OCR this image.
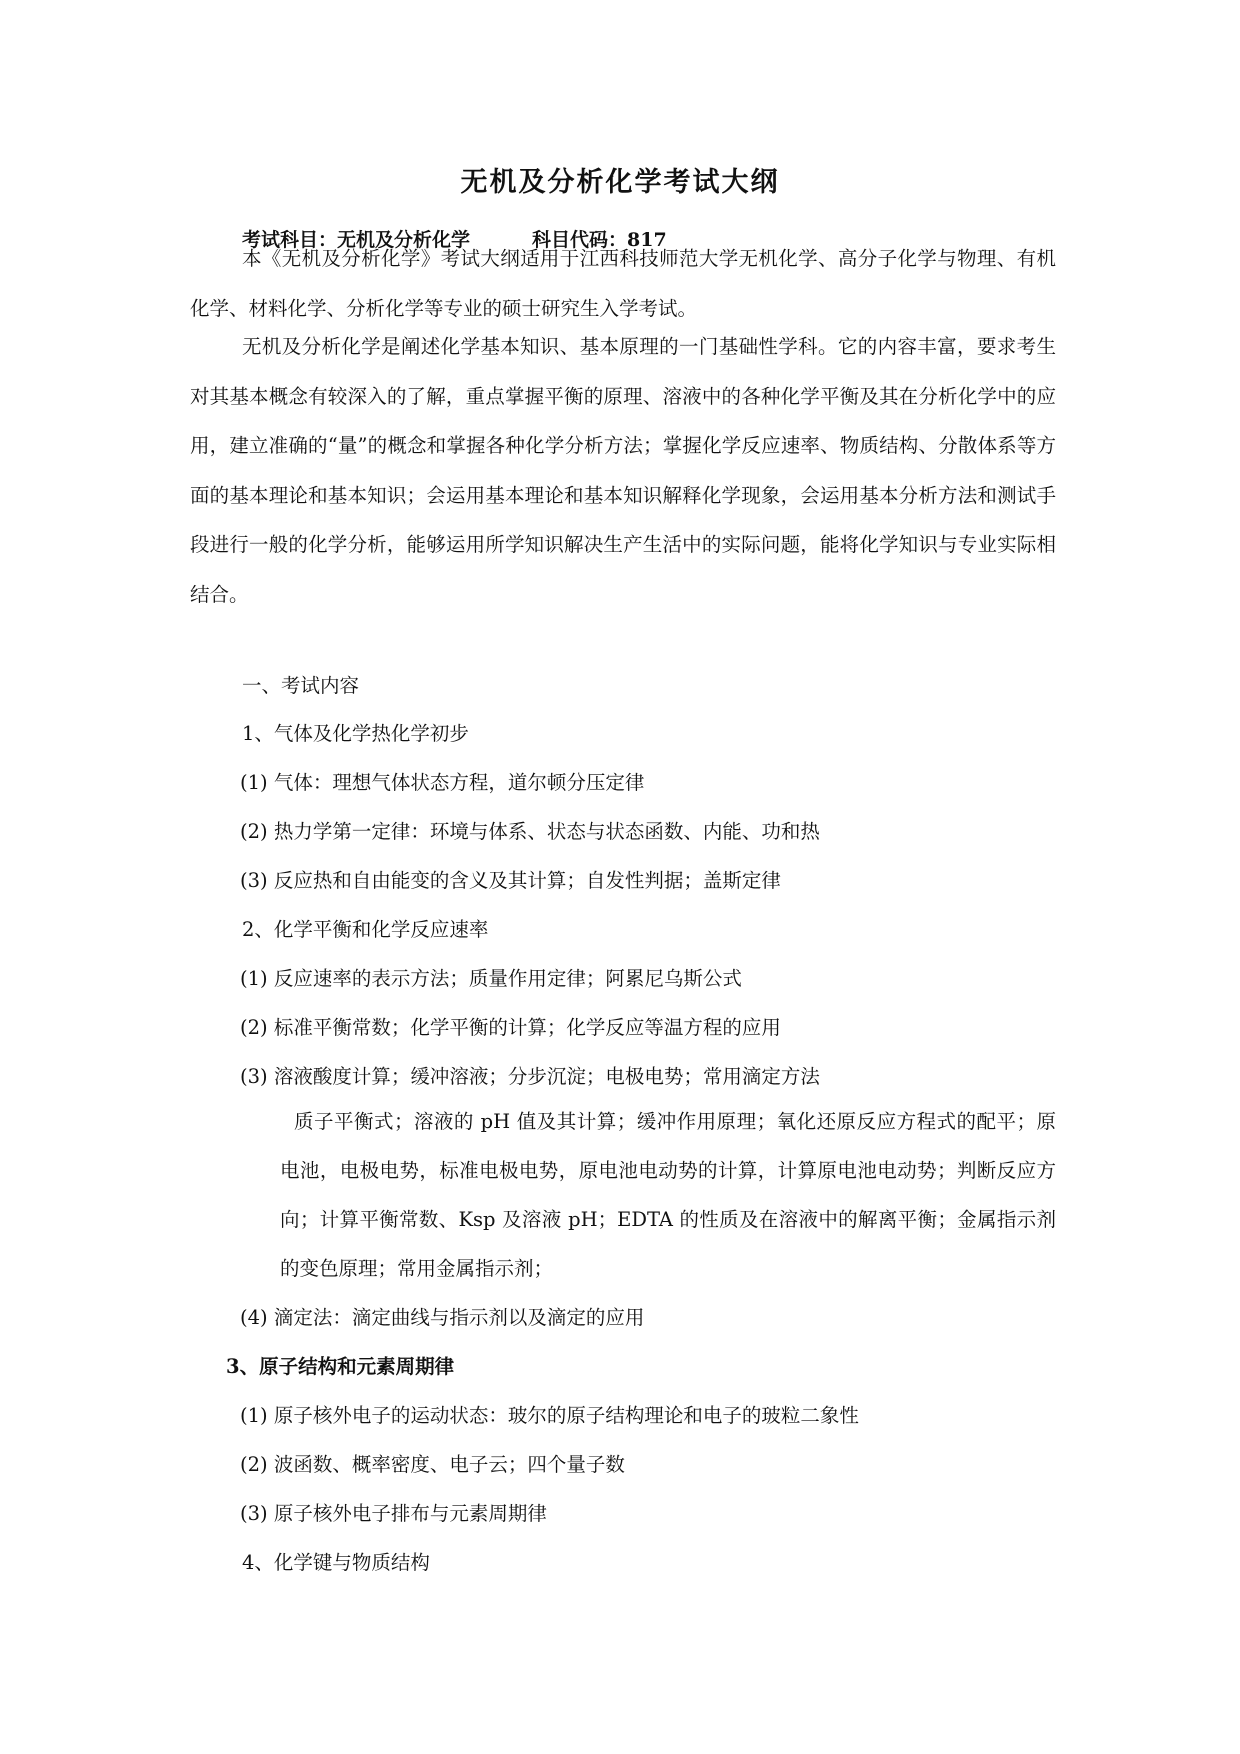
无机及分析化学考试大纲
考试科目：无机及分析化学	科目代码：817
本《无机及分析化学》考试大纲适用于江西科技师范大学无机化学、高分子化学与物理、有机化学、材料化学、分析化学等专业的硕士研究生入学考试。
无机及分析化学是阐述化学基本知识、基本原理的一门基础性学科。它的内容丰富，要求考生对其基本概念有较深入的了解，重点掌握平衡的原理、溶液中的各种化学平衡及其在分析化学中的应用，建立准确的“量”的概念和掌握各种化学分析方法；掌握化学反应速率、物质结构、分散体系等方面的基本理论和基本知识；会运用基本理论和基本知识解释化学现象，会运用基本分析方法和测试手段进行一般的化学分析，能够运用所学知识解决生产生活中的实际问题，能将化学知识与专业实际相结合。
一、考试内容
1、气体及化学热化学初步
(1) 气体：理想气体状态方程，道尔顿分压定律
(2) 热力学第一定律：环境与体系、状态与状态函数、内能、功和热
(3) 反应热和自由能变的含义及其计算；自发性判据；盖斯定律
2、化学平衡和化学反应速率
(1) 反应速率的表示方法；质量作用定律；阿累尼乌斯公式
(2) 标准平衡常数；化学平衡的计算；化学反应等温方程的应用
(3) 溶液酸度计算；缓冲溶液；分步沉淀；电极电势；常用滴定方法
质子平衡式；溶液的 pH 值及其计算；缓冲作用原理；氧化还原反应方程式的配平；原电池，电极电势，标准电极电势，原电池电动势的计算，计算原电池电动势；判断反应方向；计算平衡常数、Ksp 及溶液 pH；EDTA 的性质及在溶液中的解离平衡；金属指示剂的变色原理；常用金属指示剂；
(4) 滴定法：滴定曲线与指示剂以及滴定的应用
3、原子结构和元素周期律
(1) 原子核外电子的运动状态：玻尔的原子结构理论和电子的玻粒二象性
(2) 波函数、概率密度、电子云；四个量子数
(3) 原子核外电子排布与元素周期律
4、化学键与物质结构
